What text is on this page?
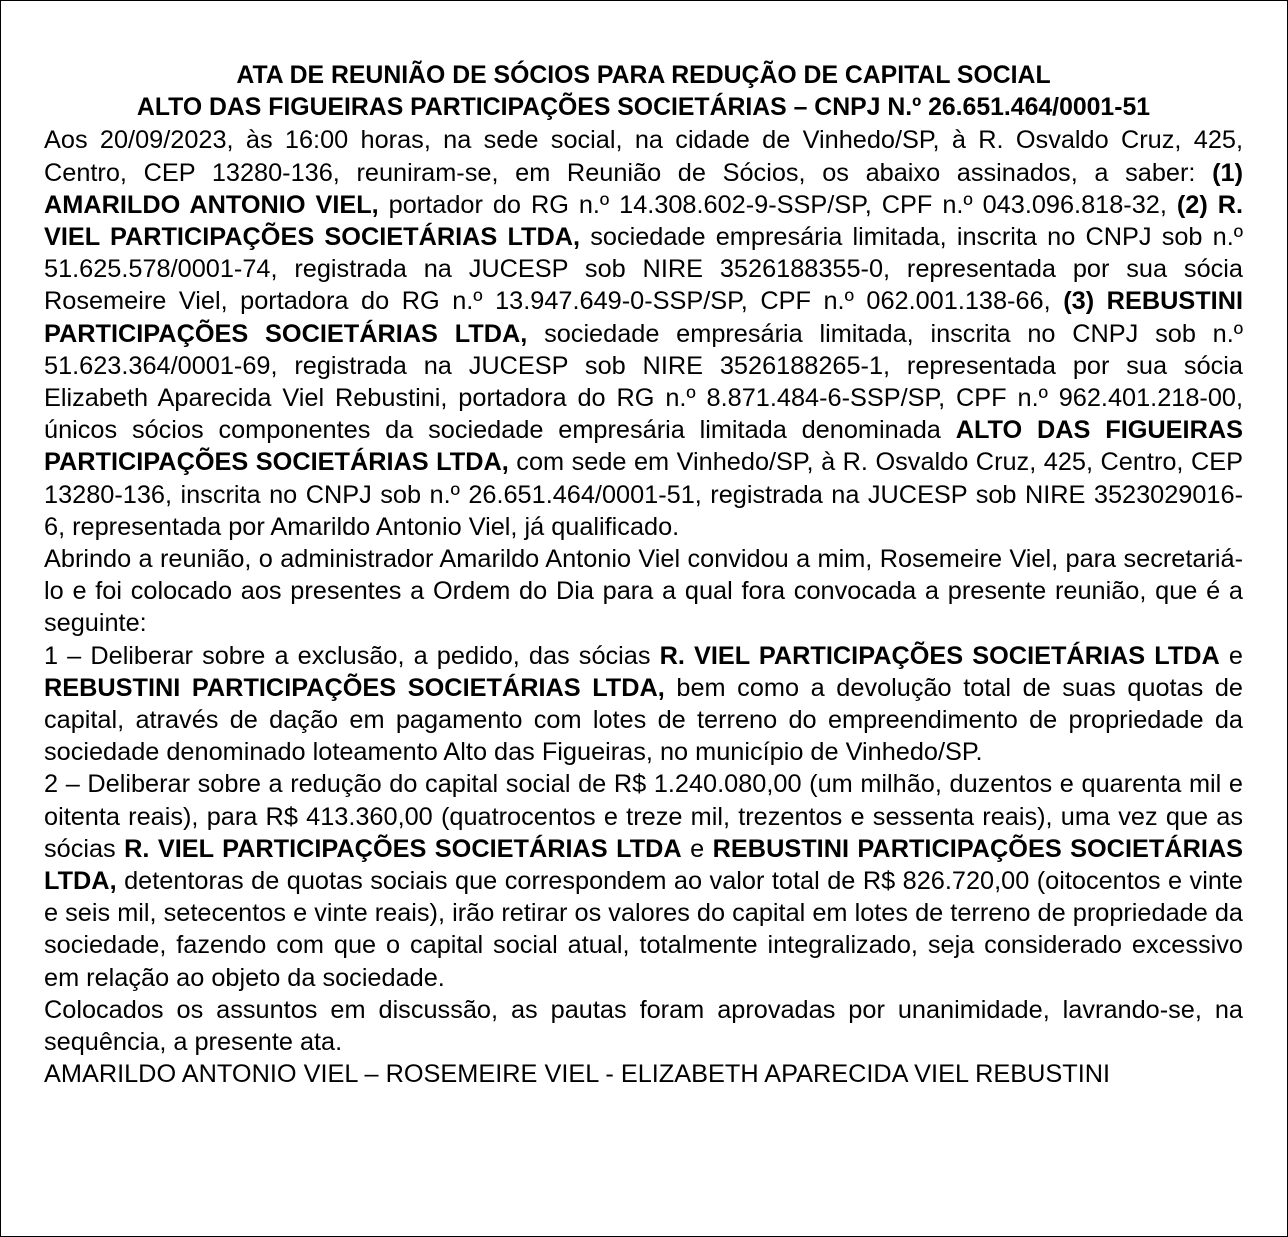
ATA DE REUNIÃO DE SÓCIOS PARA REDUÇÃO DE CAPITAL SOCIAL
ALTO DAS FIGUEIRAS PARTICIPAÇÕES SOCIETÁRIAS – CNPJ N.º 26.651.464/0001-51

Aos 20/09/2023, às 16:00 horas, na sede social, na cidade de Vinhedo/SP, à R. Osvaldo Cruz, 425, Centro, CEP 13280-136, reuniram-se, em Reunião de Sócios, os abaixo assinados, a saber: (1) AMARILDO ANTONIO VIEL, portador do RG n.º 14.308.602-9-SSP/SP, CPF n.º 043.096.818-32, (2) R. VIEL PARTICIPAÇÕES SOCIETÁRIAS LTDA, sociedade empresária limitada, inscrita no CNPJ sob n.º 51.625.578/0001-74, registrada na JUCESP sob NIRE 3526188355-0, representada por sua sócia Rosemeire Viel, portadora do RG n.º 13.947.649-0-SSP/SP, CPF n.º 062.001.138-66, (3) REBUSTINI PARTICIPAÇÕES SOCIETÁRIAS LTDA, sociedade empresária limitada, inscrita no CNPJ sob n.º 51.623.364/0001-69, registrada na JUCESP sob NIRE 3526188265-1, representada por sua sócia Elizabeth Aparecida Viel Rebustini, portadora do RG n.º 8.871.484-6-SSP/SP, CPF n.º 962.401.218-00, únicos sócios componentes da sociedade empresária limitada denominada ALTO DAS FIGUEIRAS PARTICIPAÇÕES SOCIETÁRIAS LTDA, com sede em Vinhedo/SP, à R. Osvaldo Cruz, 425, Centro, CEP 13280-136, inscrita no CNPJ sob n.º 26.651.464/0001-51, registrada na JUCESP sob NIRE 3523029016-6, representada por Amarildo Antonio Viel, já qualificado.

Abrindo a reunião, o administrador Amarildo Antonio Viel convidou a mim, Rosemeire Viel, para secretariá-lo e foi colocado aos presentes a Ordem do Dia para a qual fora convocada a presente reunião, que é a seguinte:

1 – Deliberar sobre a exclusão, a pedido, das sócias R. VIEL PARTICIPAÇÕES SOCIETÁRIAS LTDA e REBUSTINI PARTICIPAÇÕES SOCIETÁRIAS LTDA, bem como a devolução total de suas quotas de capital, através de dação em pagamento com lotes de terreno do empreendimento de propriedade da sociedade denominado loteamento Alto das Figueiras, no município de Vinhedo/SP.

2 – Deliberar sobre a redução do capital social de R$ 1.240.080,00 (um milhão, duzentos e quarenta mil e oitenta reais), para R$ 413.360,00 (quatrocentos e treze mil, trezentos e sessenta reais), uma vez que as sócias R. VIEL PARTICIPAÇÕES SOCIETÁRIAS LTDA e REBUSTINI PARTICIPAÇÕES SOCIETÁRIAS LTDA, detentoras de quotas sociais que correspondem ao valor total de R$ 826.720,00 (oitocentos e vinte e seis mil, setecentos e vinte reais), irão retirar os valores do capital em lotes de terreno de propriedade da sociedade, fazendo com que o capital social atual, totalmente integralizado, seja considerado excessivo em relação ao objeto da sociedade.

Colocados os assuntos em discussão, as pautas foram aprovadas por unanimidade, lavrando-se, na sequência, a presente ata.

AMARILDO ANTONIO VIEL – ROSEMEIRE VIEL - ELIZABETH APARECIDA VIEL REBUSTINI
